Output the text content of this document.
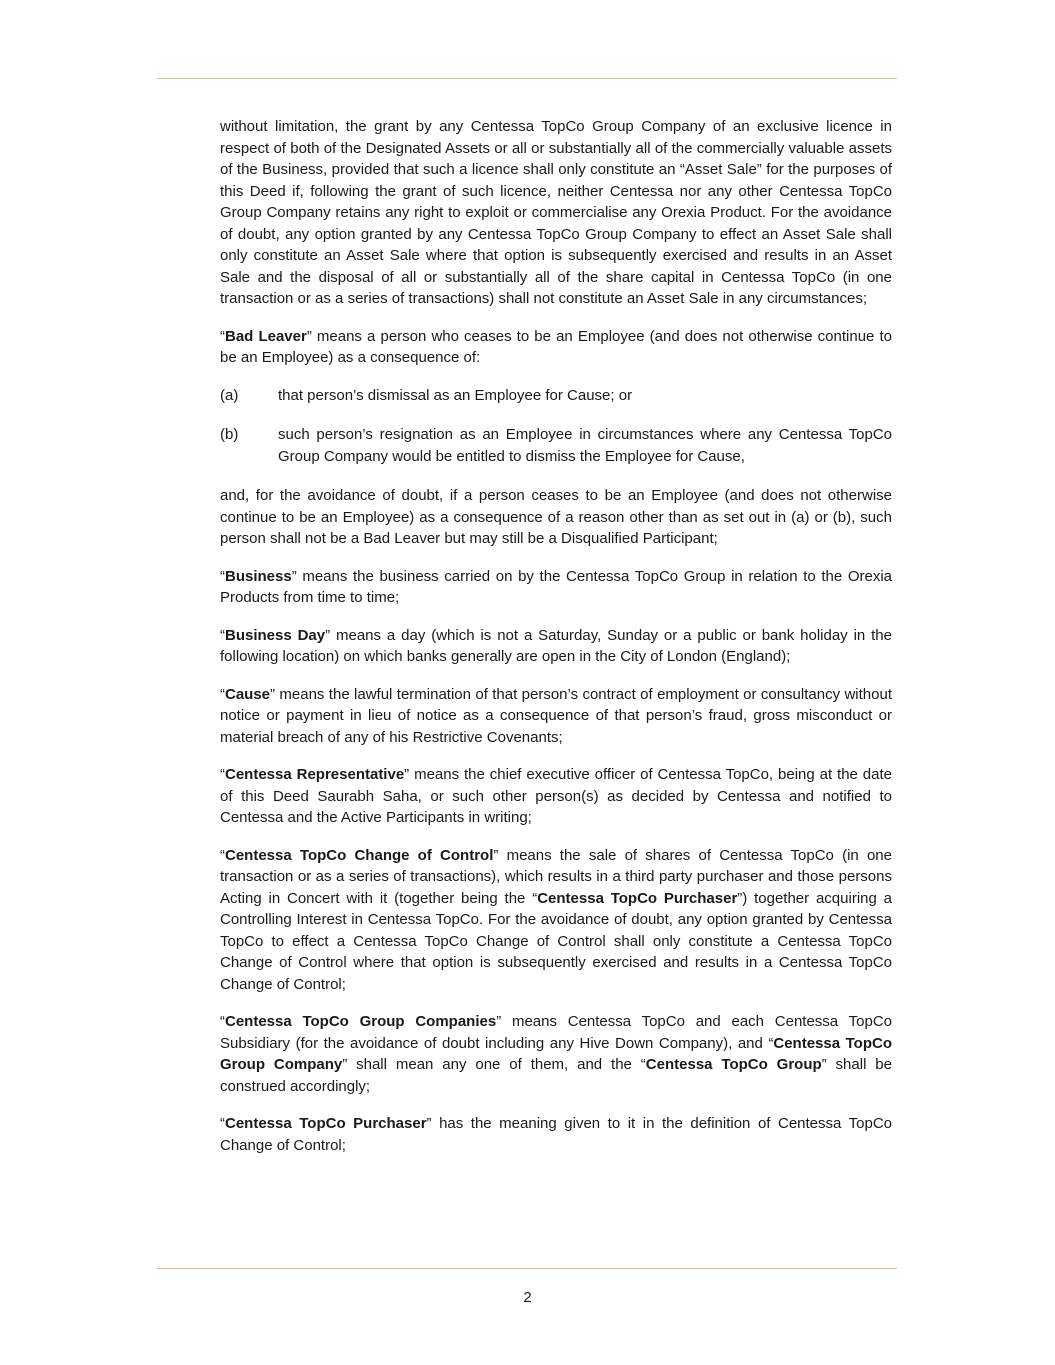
without limitation, the grant by any Centessa TopCo Group Company of an exclusive licence in respect of both of the Designated Assets or all or substantially all of the commercially valuable assets of the Business, provided that such a licence shall only constitute an “Asset Sale” for the purposes of this Deed if, following the grant of such licence, neither Centessa nor any other Centessa TopCo Group Company retains any right to exploit or commercialise any Orexia Product. For the avoidance of doubt, any option granted by any Centessa TopCo Group Company to effect an Asset Sale shall only constitute an Asset Sale where that option is subsequently exercised and results in an Asset Sale and the disposal of all or substantially all of the share capital in Centessa TopCo (in one transaction or as a series of transactions) shall not constitute an Asset Sale in any circumstances;

“Bad Leaver” means a person who ceases to be an Employee (and does not otherwise continue to be an Employee) as a consequence of:

(a)	that person’s dismissal as an Employee for Cause; or
(b)	such person’s resignation as an Employee in circumstances where any Centessa TopCo Group Company would be entitled to dismiss the Employee for Cause,

and, for the avoidance of doubt, if a person ceases to be an Employee (and does not otherwise continue to be an Employee) as a consequence of a reason other than as set out in (a) or (b), such person shall not be a Bad Leaver but may still be a Disqualified Participant;

“Business” means the business carried on by the Centessa TopCo Group in relation to the Orexia Products from time to time;

“Business Day” means a day (which is not a Saturday, Sunday or a public or bank holiday in the following location) on which banks generally are open in the City of London (England);

“Cause” means the lawful termination of that person’s contract of employment or consultancy without notice or payment in lieu of notice as a consequence of that person’s fraud, gross misconduct or material breach of any of his Restrictive Covenants;

“Centessa Representative” means the chief executive officer of Centessa TopCo, being at the date of this Deed Saurabh Saha, or such other person(s) as decided by Centessa and notified to Centessa and the Active Participants in writing;

“Centessa TopCo Change of Control” means the sale of shares of Centessa TopCo (in one transaction or as a series of transactions), which results in a third party purchaser and those persons Acting in Concert with it (together being the “Centessa TopCo Purchaser”) together acquiring a Controlling Interest in Centessa TopCo. For the avoidance of doubt, any option granted by Centessa TopCo to effect a Centessa TopCo Change of Control shall only constitute a Centessa TopCo Change of Control where that option is subsequently exercised and results in a Centessa TopCo Change of Control;

“Centessa TopCo Group Companies” means Centessa TopCo and each Centessa TopCo Subsidiary (for the avoidance of doubt including any Hive Down Company), and “Centessa TopCo Group Company” shall mean any one of them, and the “Centessa TopCo Group” shall be construed accordingly;

“Centessa TopCo Purchaser” has the meaning given to it in the definition of Centessa TopCo Change of Control;

2
